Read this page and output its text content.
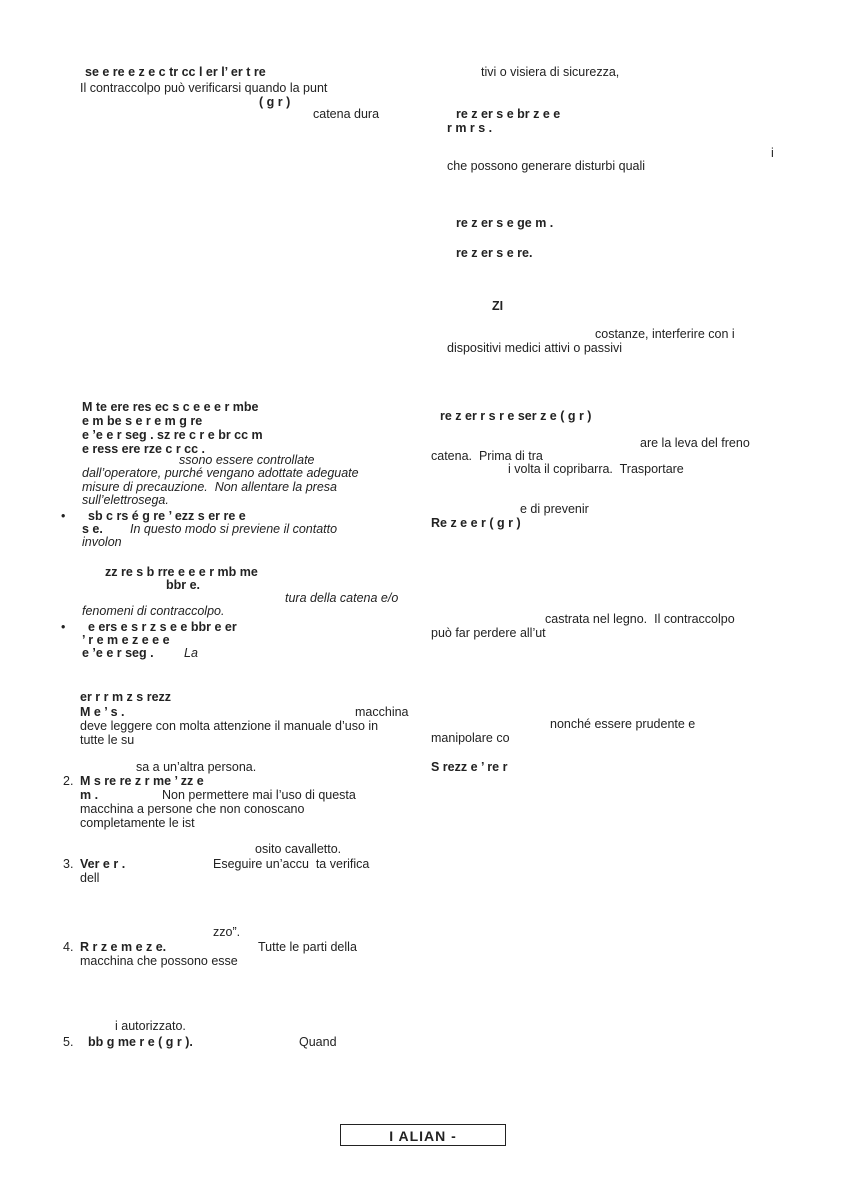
se e re e z e c tr cc l er l’ er t re
Il contraccolpo può verificarsi quando la punt
( g r )
catena dura
M te ere res ec s c e e e r mbe
e m be s e r e m g re
e ’e e r seg . sz re c r e br cc m
e ress ere rze c r cc .
ssono essere controllate
dall’operatore, purché vengano adottate adeguate
misure di precauzione.  Non allentare la presa
sull’elettrosega.
• sb c rs é g re ’ ezz s er re e
s e. In questo modo si previene il contatto
involon
zz re s b rre e e e r mb me
bbr e.
tura della catena e/o
fenomeni di contraccolpo.
• e ers e s r z s e e bbr e er
’ r e m e z e e e
e ’e e r seg . La
er r r m z s rezz
M e ’ s .	macchina
deve leggere con molta attenzione il manuale d’uso in
tutte le su
sa a un’altra persona.
2. M s re re z r me ’ zz e
m .	Non permettere mai l’uso di questa
macchina a persone che non conoscano
completamente le ist
osito cavalletto.
3. Ver e r .	Eseguire un’accu  ta verifica
dell
zzo”.
4. R r z e m e z e.	Tutte le parti della
macchina che possono esse
i autorizzato.
5. bb g me r e ( g r ).	Quand
tivi o visiera di sicurezza,
re z er s e br z e e
r m r s .
i
che possono generare disturbi quali
re z er s e ge m .
re z er s e re.
ZI
costanze, interferire con i
dispositivi medici attivi o passivi
re z er r s r e ser z e ( g r )
are la leva del freno
catena.  Prima di tra
i volta il copribarra.  Trasportare
e di prevenir
Re z e e r ( g r )
castrata nel legno.  Il contraccolpo
può far perdere all’ut
nonché essere prudente e
manipolare co
S rezz e ’ re r
I ALIAN -
